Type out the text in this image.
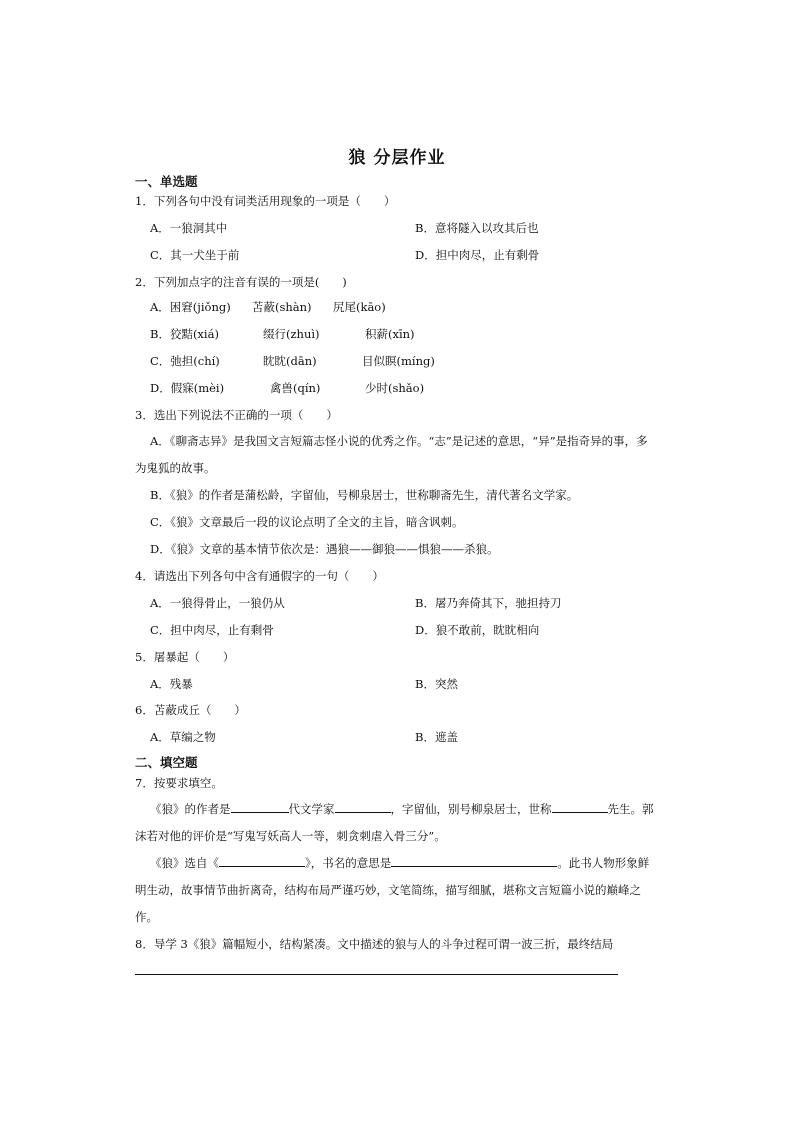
狼 分层作业
一、单选题
1．下列各句中没有词类活用现象的一项是（　　）
A．一狼洞其中	B．意将隧入以攻其后也
C．其一犬坐于前	D．担中肉尽，止有剩骨
2．下列加点字的注音有误的一项是(　　)
A．困窘(jiǒng) 苫蔽(shàn) 尻尾(kāo)
B．狡黠(xiá)	缀行(zhuì)	积薪(xīn)
C．弛担(chí)	眈眈(dān)	目似瞑(míng)
D．假寐(mèi)	禽兽(qín)	少时(shǎo)
3．选出下列说法不正确的一项（　　）
A．《聊斋志异》是我国文言短篇志怪小说的优秀之作。“志”是记述的意思，“异”是指奇异的事，多为鬼狐的故事。
B．《狼》的作者是蒲松龄，字留仙，号柳泉居士，世称聊斋先生，清代著名文学家。
C．《狼》文章最后一段的议论点明了全文的主旨，暗含讽刺。
D．《狼》文章的基本情节依次是：遇狼——御狼——惧狼——杀狼。
4．请选出下列各句中含有通假字的一句（　　）
A．一狼得骨止，一狼仍从	B．屠乃奔倚其下，驰担持刀
C．担中肉尽，止有剩骨	D．狼不敢前，眈眈相向
5．屠暴起（　　）
A．残暴	B．突然
6．苫蔽成丘（　　）
A．草编之物	B．遮盖
二、填空题
7．按要求填空。
《狼》的作者是	代文学家	，字留仙，别号柳泉居士，世称	先生。郭沫若对他的评价是“写鬼写妖高人一等，刺贪刺虐入骨三分”。
《狼》选自《	》，书名的意思是	。此书人物形象鲜明生动，故事情节曲折离奇，结构布局严谨巧妙，文笔简练，描写细腻，堪称文言短篇小说的巅峰之作。
8．导学 3《狼》篇幅短小，结构紧凑。文中描述的狼与人的斗争过程可谓一波三折，最终结局
